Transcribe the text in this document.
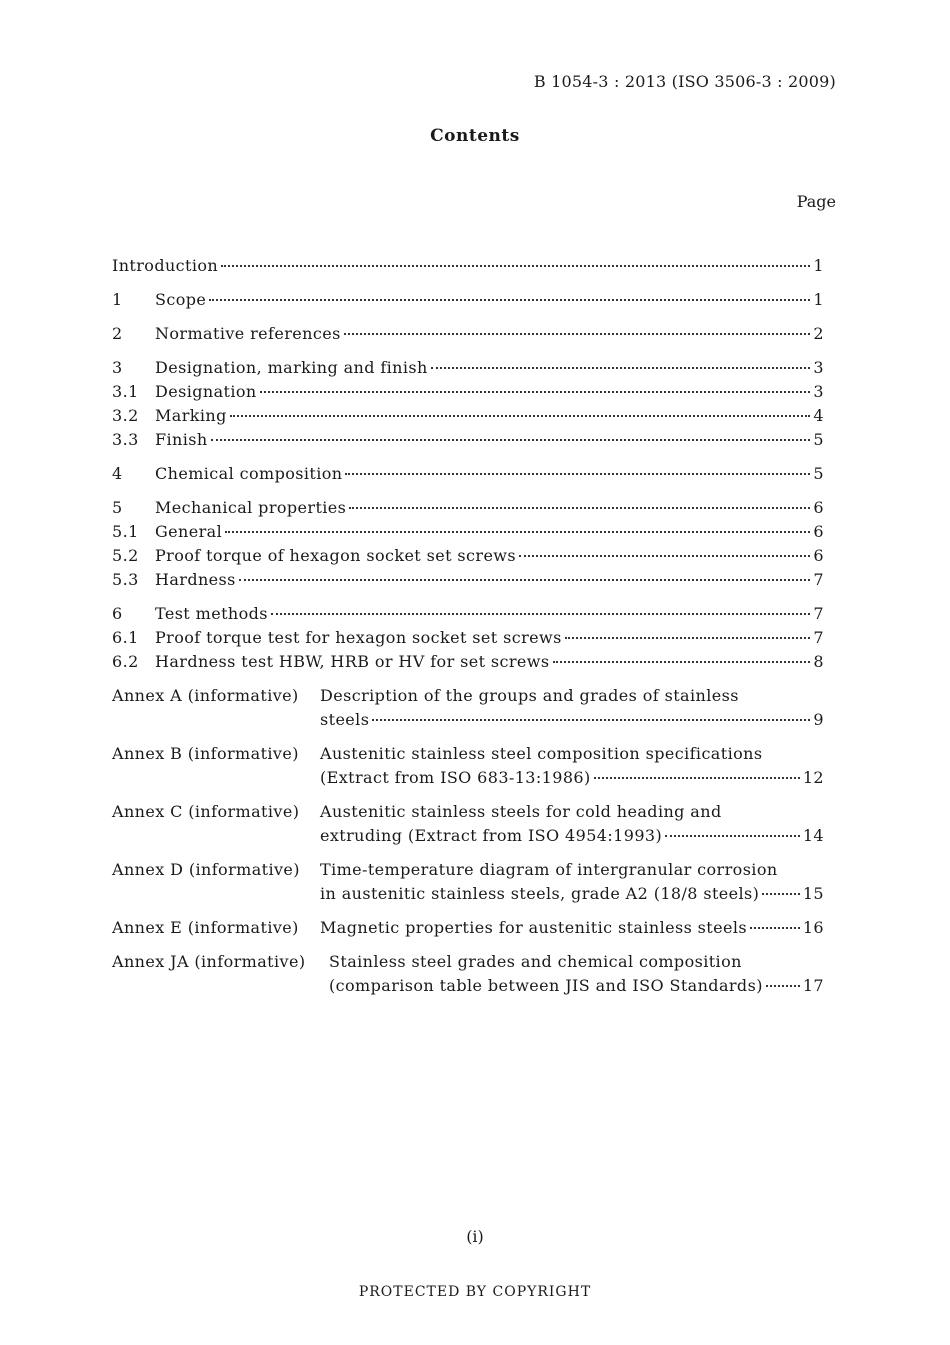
B 1054-3 : 2013 (ISO 3506-3 : 2009)
Contents
Page
Introduction	1
1	Scope	1
2	Normative references	2
3	Designation, marking and finish	3
3.1	Designation	3
3.2	Marking	4
3.3	Finish	5
4	Chemical composition	5
5	Mechanical properties	6
5.1	General	6
5.2	Proof torque of hexagon socket set screws	6
5.3	Hardness	7
6	Test methods	7
6.1	Proof torque test for hexagon socket set screws	7
6.2	Hardness test HBW, HRB or HV for set screws	8
Annex A (informative)	Description of the groups and grades of stainless
steels	9
Annex B (informative)	Austenitic stainless steel composition specifications
(Extract from ISO 683-13:1986)	12
Annex C (informative)	Austenitic stainless steels for cold heading and
extruding (Extract from ISO 4954:1993)	14
Annex D (informative)	Time-temperature diagram of intergranular corrosion
in austenitic stainless steels, grade A2 (18/8 steels)	15
Annex E (informative)	Magnetic properties for austenitic stainless steels	16
Annex JA (informative)	Stainless steel grades and chemical composition
(comparison table between JIS and ISO Standards) 17
(i)
PROTECTED BY COPYRIGHT
